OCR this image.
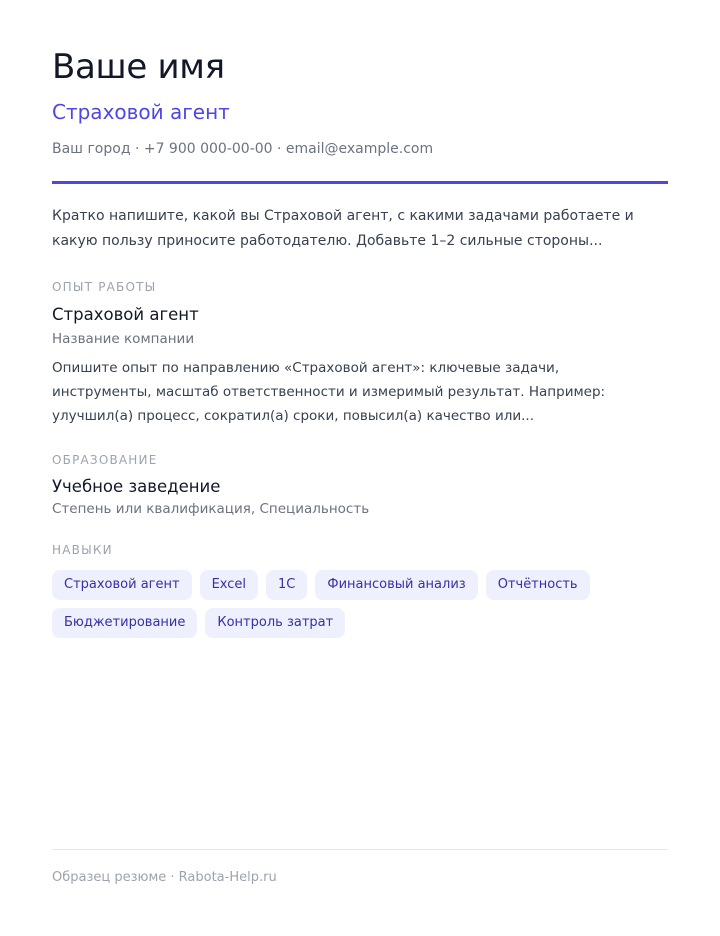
Ваше имя
Страховой агент
Ваш город · +7 900 000-00-00 · email@example.com

Кратко напишите, какой вы Страховой агент, с какими задачами работаете и какую пользу приносите работодателю. Добавьте 1–2 сильные стороны...

ОПЫТ РАБОТЫ
Страховой агент
Название компании

Опишите опыт по направлению «Страховой агент»: ключевые задачи, инструменты, масштаб ответственности и измеримый результат. Например: улучшил(а) процесс, сократил(а) сроки, повысил(а) качество или...

ОБРАЗОВАНИЕ
Учебное заведение
Степень или квалификация, Специальность
НАВЫКИ
Страховой агент	Excel	1С	Финансовый анализ	Отчётность
Бюджетирование	Контроль затрат
Образец резюме · Rabota-Help.ru
